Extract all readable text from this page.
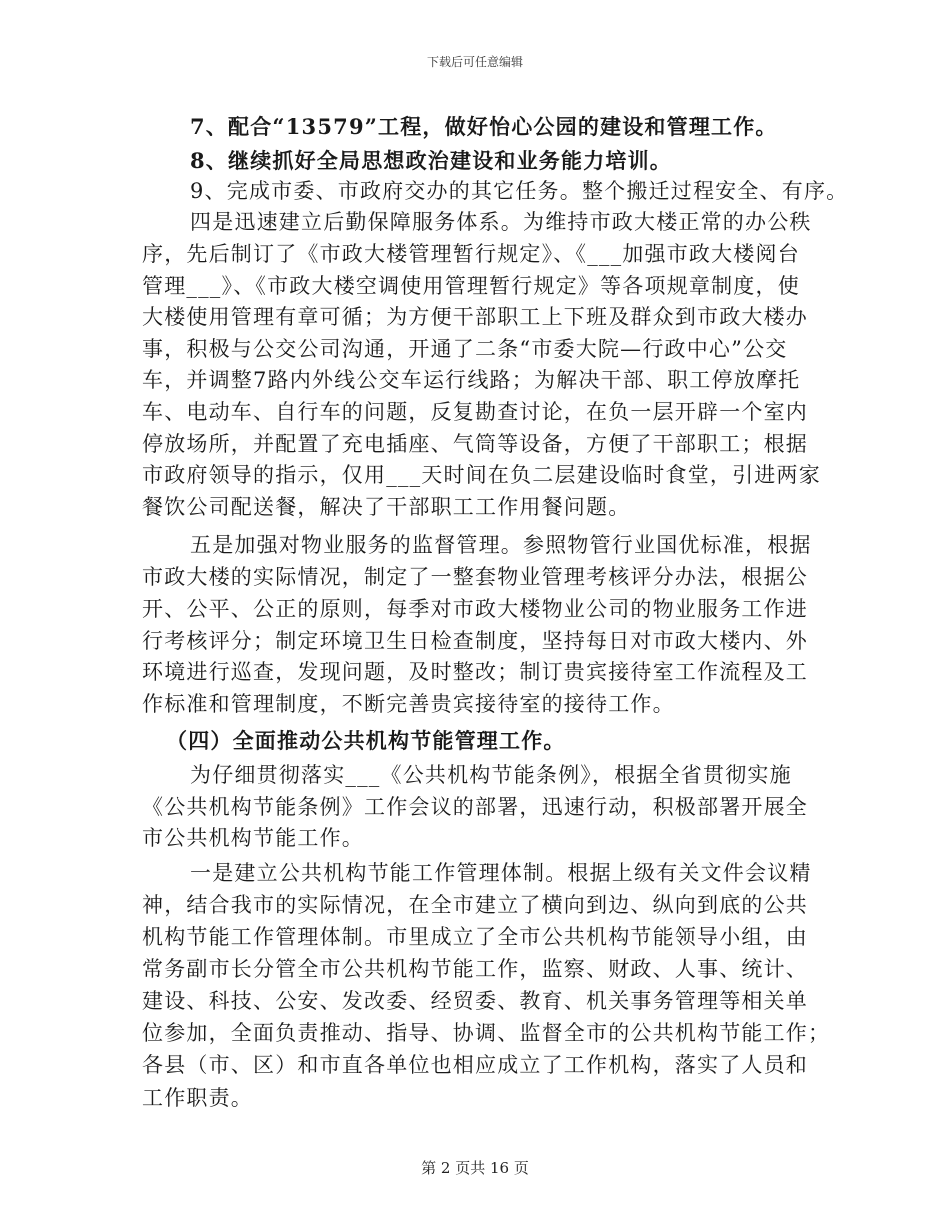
下载后可任意编辑
7、配合“13579”工程，做好怡心公园的建设和管理工作。
8、继续抓好全局思想政治建设和业务能力培训。
9、完成市委、市政府交办的其它任务。整个搬迁过程安全、有序。
四是迅速建立后勤保障服务体系。为维持市政大楼正常的办公秩
序，先后制订了《市政大楼管理暂行规定》、《___加强市政大楼阅台
管理___》、《市政大楼空调使用管理暂行规定》等各项规章制度，使
大楼使用管理有章可循；为方便干部职工上下班及群众到市政大楼办
事，积极与公交公司沟通，开通了二条“市委大院—行政中心”公交
车，并调整7路内外线公交车运行线路；为解决干部、职工停放摩托
车、电动车、自行车的问题，反复勘查讨论，在负一层开辟一个室内
停放场所，并配置了充电插座、气筒等设备，方便了干部职工；根据
市政府领导的指示，仅用___天时间在负二层建设临时食堂，引进两家
餐饮公司配送餐，解决了干部职工工作用餐问题。
五是加强对物业服务的监督管理。参照物管行业国优标准，根据
市政大楼的实际情况，制定了一整套物业管理考核评分办法，根据公
开、公平、公正的原则，每季对市政大楼物业公司的物业服务工作进
行考核评分；制定环境卫生日检查制度，坚持每日对市政大楼内、外
环境进行巡查，发现问题，及时整改；制订贵宾接待室工作流程及工
作标准和管理制度，不断完善贵宾接待室的接待工作。
（四）全面推动公共机构节能管理工作。
为仔细贯彻落实___《公共机构节能条例》，根据全省贯彻实施
《公共机构节能条例》工作会议的部署，迅速行动，积极部署开展全
市公共机构节能工作。
一是建立公共机构节能工作管理体制。根据上级有关文件会议精
神，结合我市的实际情况，在全市建立了横向到边、纵向到底的公共
机构节能工作管理体制。市里成立了全市公共机构节能领导小组，由
常务副市长分管全市公共机构节能工作，监察、财政、人事、统计、
建设、科技、公安、发改委、经贸委、教育、机关事务管理等相关单
位参加，全面负责推动、指导、协调、监督全市的公共机构节能工作；
各县（市、区）和市直各单位也相应成立了工作机构，落实了人员和
工作职责。
第 2 页共 16 页
